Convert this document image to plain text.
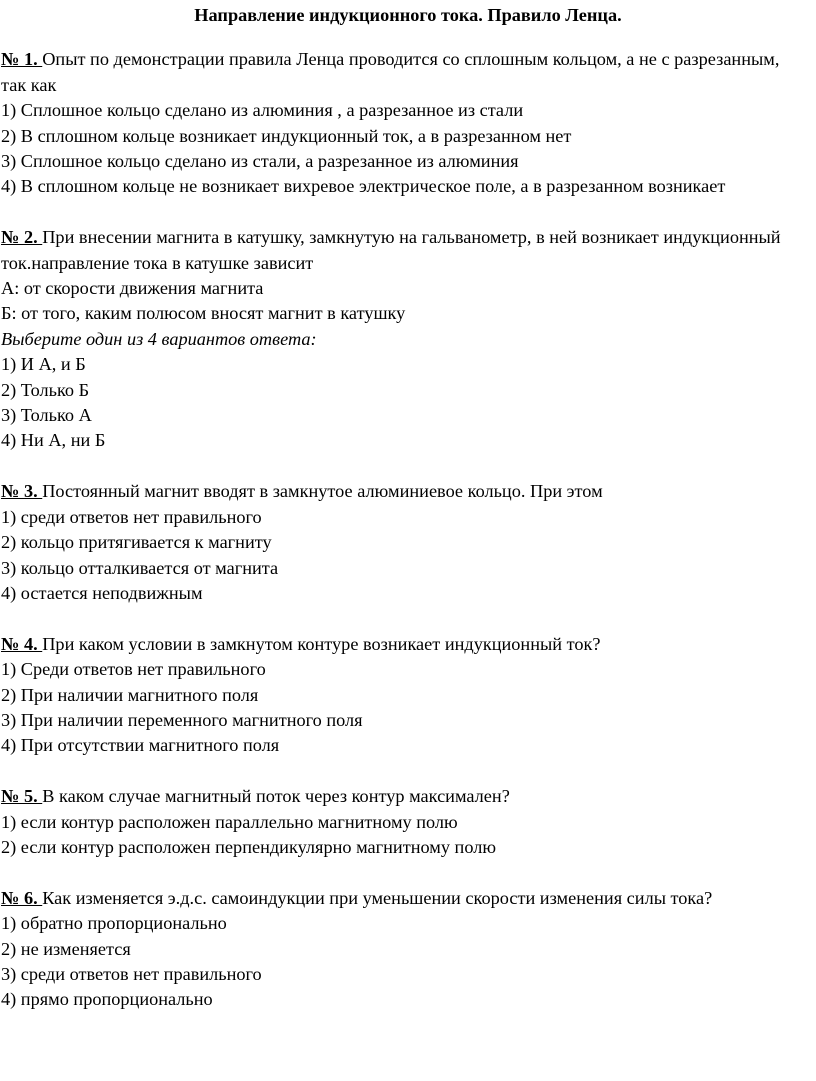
Направление индукционного тока. Правило Ленца.

№ 1. Опыт по демонстрации правила Ленца проводится со сплошным кольцом, а не с разрезанным, так как

1) Сплошное кольцо сделано из алюминия , а разрезанное из стали
2) В сплошном кольце возникает индукционный ток, а в разрезанном нет
3) Сплошное кольцо сделано из стали, а разрезанное из алюминия
4) В сплошном кольце не возникает вихревое электрическое поле, а в разрезанном возникает

№ 2. При внесении магнита в катушку, замкнутую на гальванометр, в ней возникает индукционный ток.направление тока в катушке зависит

А: от скорости движения магнита
Б: от того, каким полюсом вносят магнит в катушку
Выберите один из 4 вариантов ответа:
1) И А, и Б
2) Только Б
3) Только А
4) Ни А, ни Б

№ 3. Постоянный магнит вводят в замкнутое алюминиевое кольцо. При этом

1) среди ответов нет правильного
2) кольцо притягивается к магниту
3) кольцо отталкивается от магнита
4) остается неподвижным

№ 4. При каком условии в замкнутом контуре возникает индукционный ток?

1) Среди ответов нет правильного
2) При наличии магнитного поля
3) При наличии переменного магнитного поля
4) При отсутствии магнитного поля

№ 5. В каком случае магнитный поток через контур максимален?

1) если контур расположен параллельно магнитному полю
2) если контур расположен перпендикулярно магнитному полю

№ 6. Как изменяется э.д.с. самоиндукции при уменьшении скорости изменения силы тока?

1) обратно пропорционально
2) не изменяется
3) среди ответов нет правильного
4) прямо пропорционально
